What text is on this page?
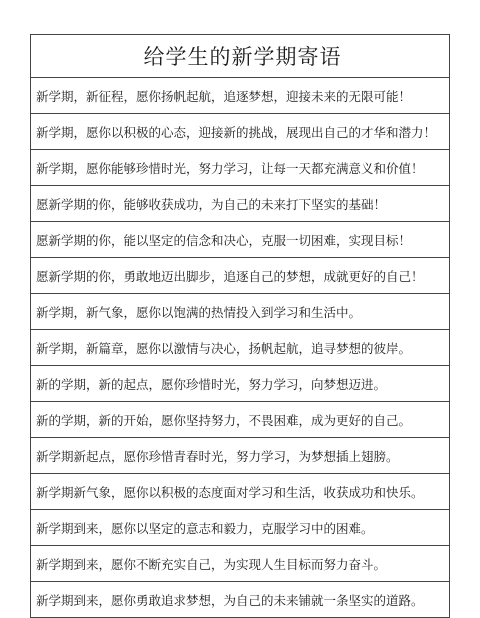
给学生的新学期寄语
新学期，新征程，愿你扬帆起航，追逐梦想，迎接未来的无限可能！
新学期，愿你以积极的心态，迎接新的挑战，展现出自己的才华和潜力！
新学期，愿你能够珍惜时光，努力学习，让每一天都充满意义和价值！
愿新学期的你，能够收获成功，为自己的未来打下坚实的基础！
愿新学期的你，能以坚定的信念和决心，克服一切困难，实现目标！
愿新学期的你，勇敢地迈出脚步，追逐自己的梦想，成就更好的自己！
新学期，新气象，愿你以饱满的热情投入到学习和生活中。
新学期，新篇章，愿你以激情与决心，扬帆起航，追寻梦想的彼岸。
新的学期，新的起点，愿你珍惜时光，努力学习，向梦想迈进。
新的学期，新的开始，愿你坚持努力，不畏困难，成为更好的自己。
新学期新起点，愿你珍惜青春时光，努力学习，为梦想插上翅膀。
新学期新气象，愿你以积极的态度面对学习和生活，收获成功和快乐。
新学期到来，愿你以坚定的意志和毅力，克服学习中的困难。
新学期到来，愿你不断充实自己，为实现人生目标而努力奋斗。
新学期到来，愿你勇敢追求梦想，为自己的未来铺就一条坚实的道路。
